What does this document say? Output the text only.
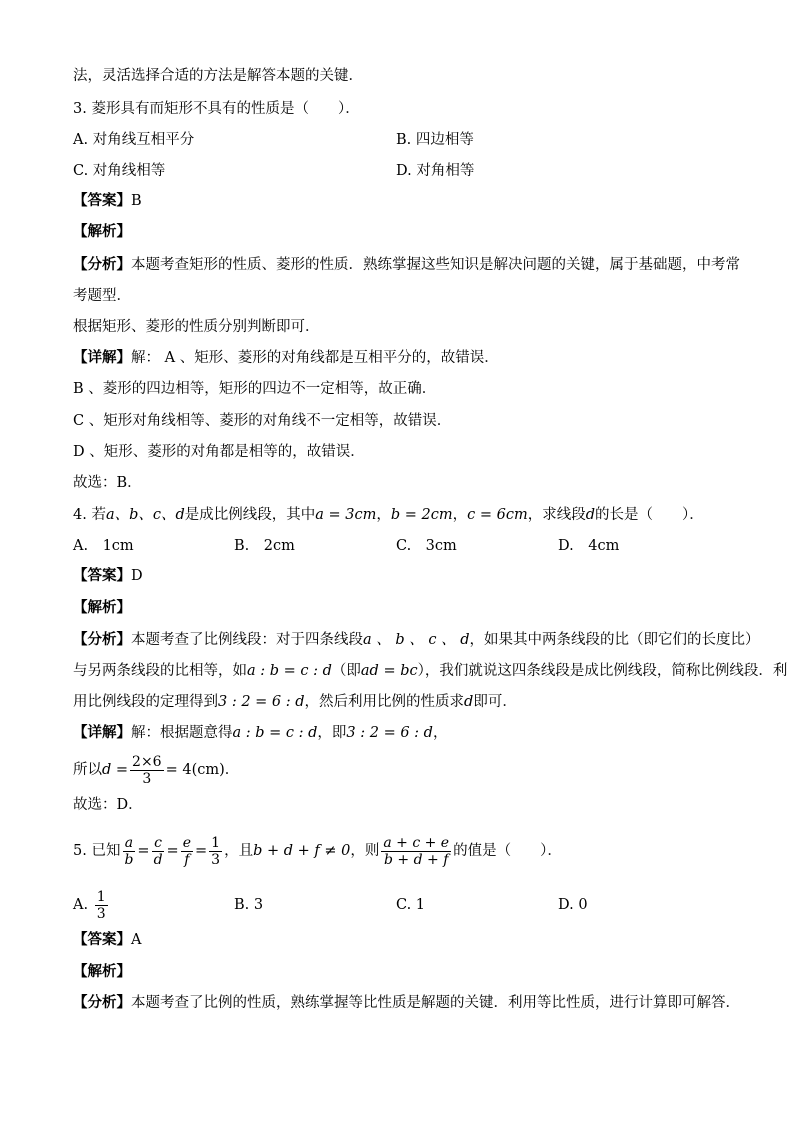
法，灵活选择合适的方法是解答本题的关键．
3. 菱形具有而矩形不具有的性质是（　　）．
A. 对角线互相平分	B. 四边相等
C. 对角线相等	D. 对角相等
【答案】B
【解析】
【分析】本题考查矩形的性质、菱形的性质．熟练掌握这些知识是解决问题的关键，属于基础题，中考常
考题型．
根据矩形、菱形的性质分别判断即可．
【详解】解： A 、矩形、菱形的对角线都是互相平分的，故错误．
B 、菱形的四边相等，矩形的四边不一定相等，故正确．
C 、矩形对角线相等、菱形的对角线不一定相等，故错误．
D 、矩形、菱形的对角都是相等的，故错误．
故选：B．
4. 若a、b、c、d是成比例线段，其中a = 3cm，b = 2cm，c = 6cm，求线段d的长是（　　）．
A.　1cm	B.　2cm	C.　3cm	D.　4cm
【答案】D
【解析】
【分析】本题考查了比例线段：对于四条线段a 、 b 、 c 、 d，如果其中两条线段的比（即它们的长度比）
与另两条线段的比相等，如a : b = c : d（即ad = bc），我们就说这四条线段是成比例线段，简称比例线段．利
用比例线段的定理得到3 : 2 = 6 : d，然后利用比例的性质求d即可．
【详解】解：根据题意得a : b = c : d，即3 : 2 = 6 : d，
所以$d = \frac{2\times 6}{3} = 4(cm)$．
故选：D．
5. 已知 $\frac{a}{b} = \frac{c}{d} = \frac{e}{f} = \frac{1}{3}$ ，且b + d + f ≠ 0，则 $\frac{a + c + e}{b + d + f}$ 的值是（　　）．
A. $\frac{1}{3}$	B. 3	C. 1	D. 0
【答案】A
【解析】
【分析】本题考查了比例的性质，熟练掌握等比性质是解题的关键．利用等比性质，进行计算即可解答．
